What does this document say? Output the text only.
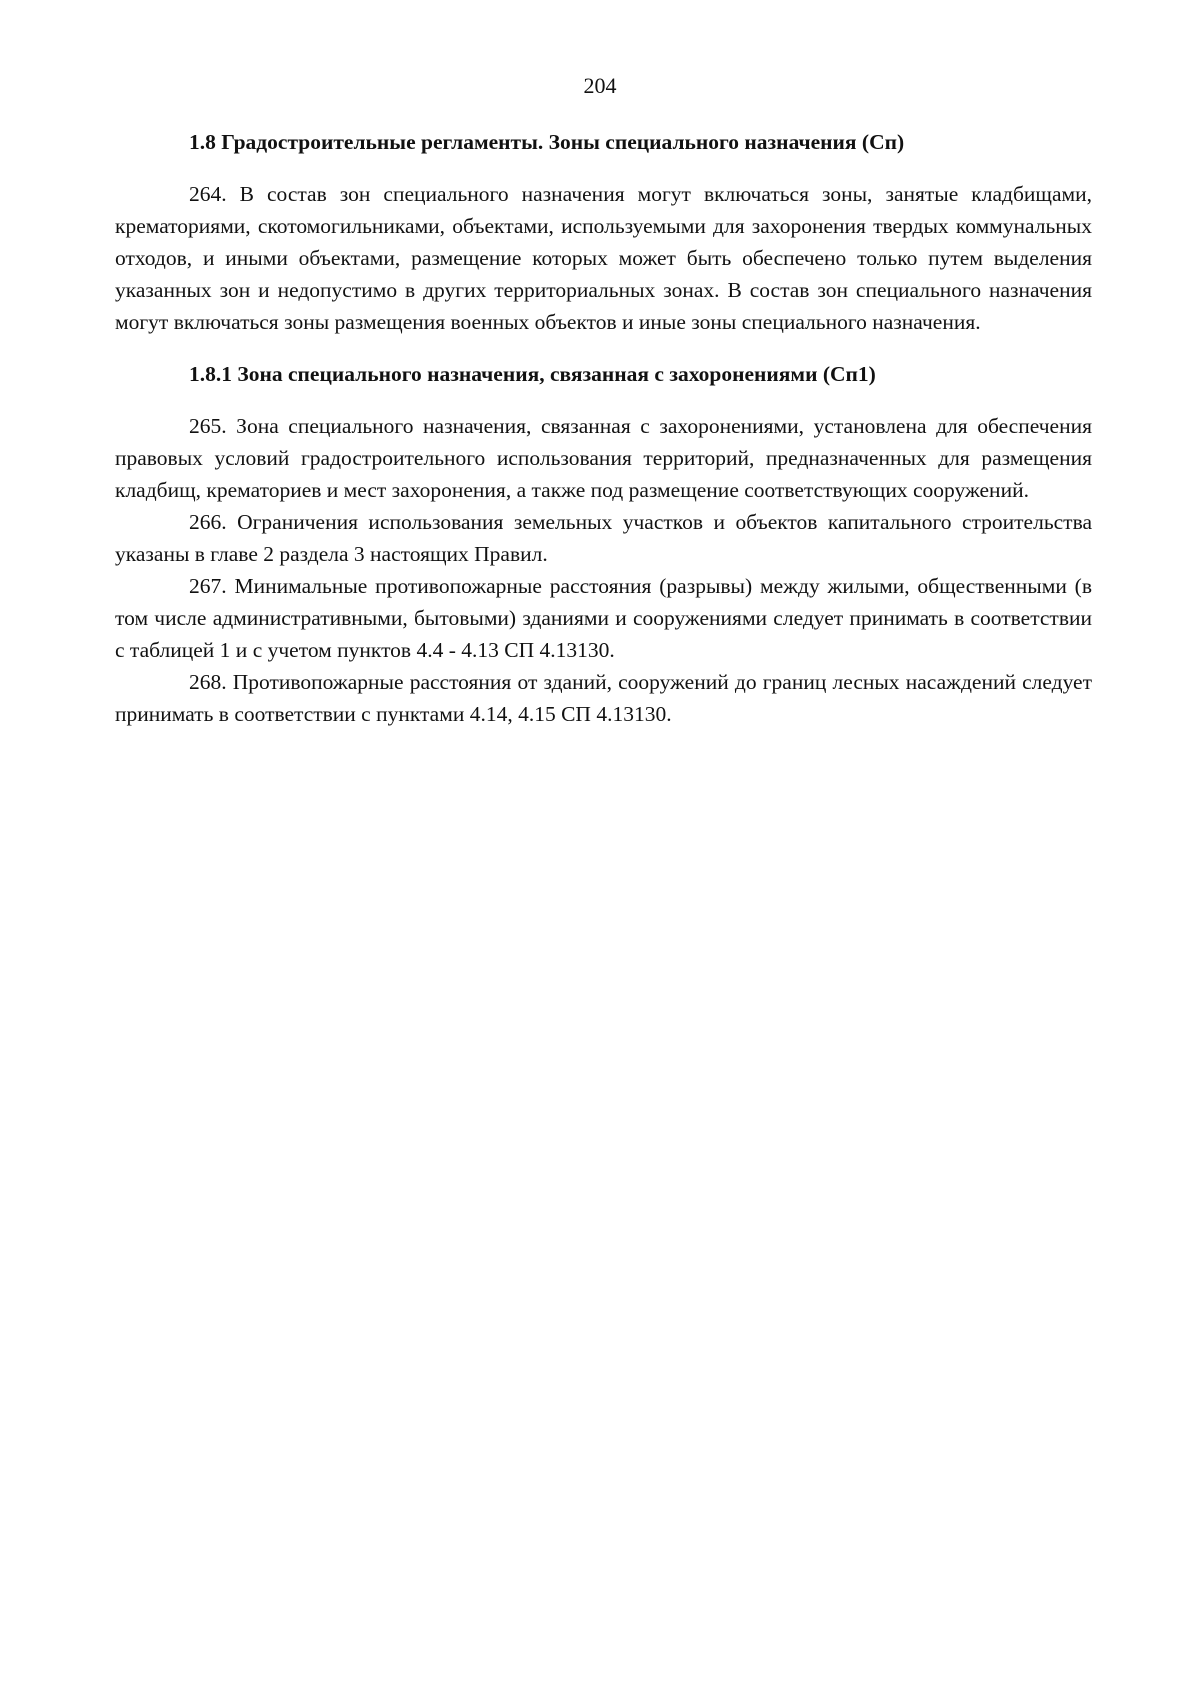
204

1.8 Градостроительные регламенты. Зоны специального назначения (Сп)

264. В состав зон специального назначения могут включаться зоны, занятые кладбищами, крематориями, скотомогильниками, объектами, используемыми для захоронения твердых коммунальных отходов, и иными объектами, размещение которых может быть обеспечено только путем выделения указанных зон и недопустимо в других территориальных зонах. В состав зон специального назначения могут включаться зоны размещения военных объектов и иные зоны специального назначения.

1.8.1 Зона специального назначения, связанная с захоронениями (Сп1)

265. Зона специального назначения, связанная с захоронениями, установлена для обеспечения правовых условий градостроительного использования территорий, предназначенных для размещения кладбищ, крематориев и мест захоронения, а также под размещение соответствующих сооружений.

266. Ограничения использования земельных участков и объектов капитального строительства указаны в главе 2 раздела 3 настоящих Правил.

267. Минимальные противопожарные расстояния (разрывы) между жилыми, общественными (в том числе административными, бытовыми) зданиями и сооружениями следует принимать в соответствии с таблицей 1 и с учетом пунктов 4.4 - 4.13 СП 4.13130.

268. Противопожарные расстояния от зданий, сооружений до границ лесных насаждений следует принимать в соответствии с пунктами 4.14, 4.15 СП 4.13130.
